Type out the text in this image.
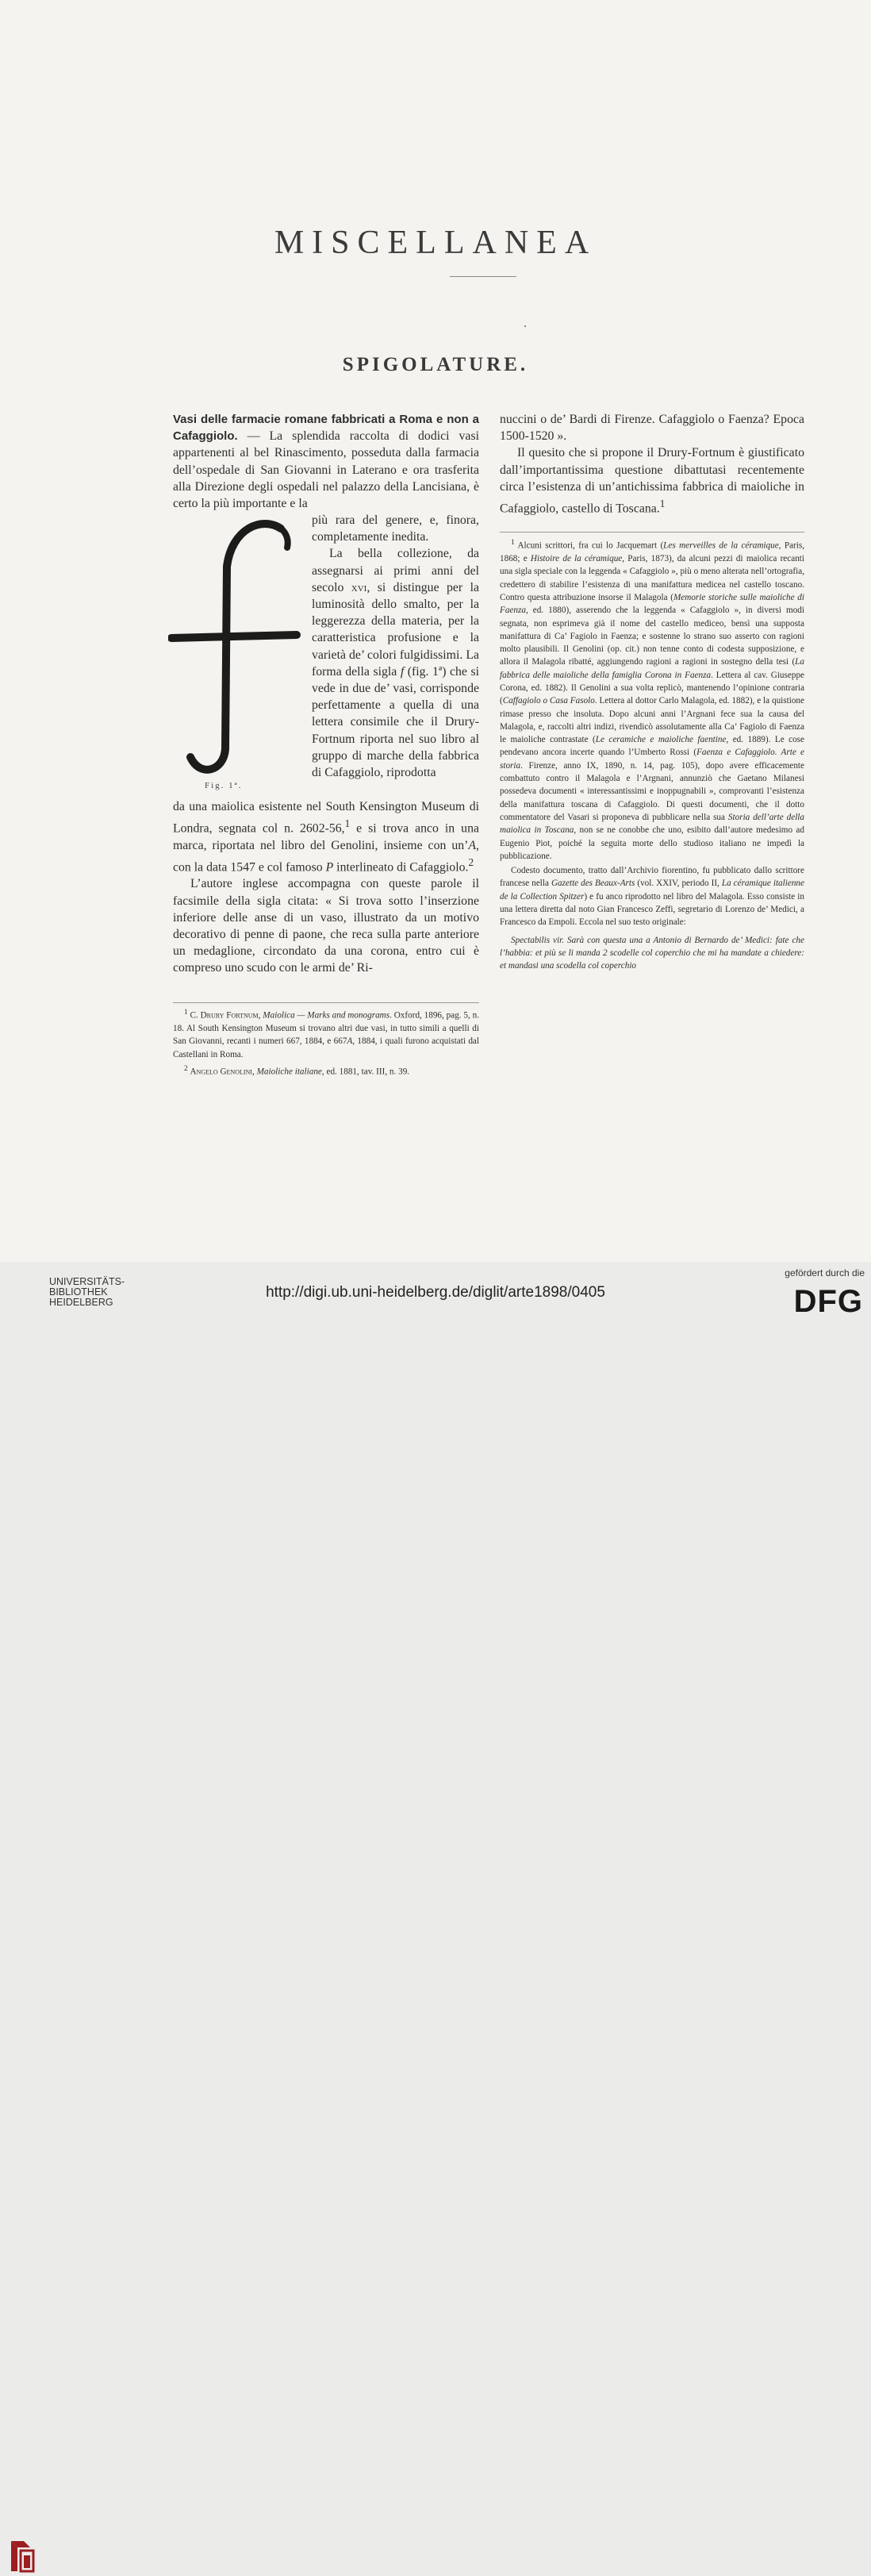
MISCELLANEA
SPIGOLATURE.

Vasi delle farmacie romane fabbricati a Roma e non a Cafaggiolo. — La splendida raccolta di dodici vasi appartenenti al bel Rinascimento, posseduta dalla farmacia dell’ospedale di San Giovanni in Laterano e ora trasferita alla Direzione degli ospedali nel palazzo della Lancisiana, è certo la più importante e la

più rara del genere, e, finora, completamente inedita.

La bella collezione, da assegnarsi ai primi anni del secolo xvi, si distingue per la luminosità dello smalto, per la leggerezza della materia, per la caratteristica profusione e la varietà de’ colori fulgidissimi. La forma della sigla f (fig. 1ª) che si vede in due de’ vasi, corrisponde perfettamente a quella di una lettera consimile che il Drury-Fortnum riporta nel suo libro al gruppo di marche della fabbrica di Cafaggiolo, riprodotta

Fig. 1ª.

da una maiolica esistente nel South Kensington Museum di Londra, segnata col n. 2602-56,$^1$ e si trova anco in una marca, riportata nel libro del Genolini, insieme con un’A, con la data 1547 e col famoso P interlineato di Cafaggiolo.$^2$

L’autore inglese accompagna con queste parole il facsimile della sigla citata: « Si trova sotto l’inserzione inferiore delle anse di un vaso, illustrato da un motivo decorativo di penne di paone, che reca sulla parte anteriore un medaglione, circondato da una corona, entro cui è compreso uno scudo con le armi de’ Ri-

$^1$ C. Drury Fortnum, Maiolica — Marks and monograms. Oxford, 1896, pag. 5, n. 18. Al South Kensington Museum si trovano altri due vasi, in tutto simili a quelli di San Giovanni, recanti i numeri 667, 1884, e 667A, 1884, i quali furono acquistati dal Castellani in Roma.

$^2$ Angelo Genolini, Maioliche italiane, ed. 1881, tav. III, n. 39.

nuccini o de’ Bardi di Firenze. Cafaggiolo o Faenza? Epoca 1500-1520 ».

Il quesito che si propone il Drury-Fortnum è giustificato dall’importantissima questione dibattutasi recentemente circa l’esistenza di un’antichissima fabbrica di maioliche in Cafaggiolo, castello di Toscana.$^1$

$^1$ Alcuni scrittori, fra cui lo Jacquemart (Les merveilles de la céramique, Paris, 1868; e Histoire de la céramique, Paris, 1873), da alcuni pezzi di maiolica recanti una sigla speciale con la leggenda « Cafaggiolo », più o meno alterata nell’ortografia, credettero di stabilire l’esistenza di una manifattura medicea nel castello toscano. Contro questa attribuzione insorse il Malagola (Memorie storiche sulle maioliche di Faenza, ed. 1880), asserendo che la leggenda « Cafaggiolo », in diversi modi segnata, non esprimeva già il nome del castello mediceo, bensì una supposta manifattura di Ca’ Fagiolo in Faenza; e sostenne lo strano suo asserto con ragioni molto plausibili. Il Genolini (op. cit.) non tenne conto di codesta supposizione, e allora il Malagola ribatté, aggiungendo ragioni a ragioni in sostegno della tesi (La fabbrica delle maioliche della famiglia Corona in Faenza. Lettera al cav. Giuseppe Corona, ed. 1882). Il Genolini a sua volta replicò, mantenendo l’opinione contraria (Caffagiolo o Casa Fasolo. Lettera al dottor Carlo Malagola, ed. 1882), e la quistione rimase presso che insoluta. Dopo alcuni anni l’Argnani fece sua la causa del Malagola, e, raccolti altri indizi, rivendicò assolutamente alla Ca’ Fagiolo di Faenza le maioliche contrastate (Le ceramiche e maioliche faentine, ed. 1889). Le cose pendevano ancora incerte quando l’Umberto Rossi (Faenza e Cafaggiolo. Arte e storia. Firenze, anno IX, 1890, n. 14, pag. 105), dopo avere efficacemente combattuto contro il Malagola e l’Argnani, annunziò che Gaetano Milanesi possedeva documenti « interessantissimi e inoppugnabili », comprovanti l’esistenza della manifattura toscana di Cafaggiolo. Di questi documenti, che il dotto commentatore del Vasari si proponeva di pubblicare nella sua Storia dell’arte della maiolica in Toscana, non se ne conobbe che uno, esibito dall’autore medesimo ad Eugenio Piot, poiché la seguita morte dello studioso italiano ne impedì la pubblicazione.

Codesto documento, tratto dall’Archivio fiorentino, fu pubblicato dallo scrittore francese nella Gazette des Beaux-Arts (vol. XXIV, periodo II, La céramique italienne de la Collection Spitzer) e fu anco riprodotto nel libro del Malagola. Esso consiste in una lettera diretta dal noto Gian Francesco Zeffi, segretario di Lorenzo de’ Medici, a Francesco da Empoli. Eccola nel suo testo originale:

Spectabilis vir. Sarà con questa una a Antonio di Bernardo de’ Medici: fate che l’habbia: et più se li manda 2 scodelle col coperchio che mi ha mandate a chiedere: et mandasi una scodella col coperchio

UNIVERSITÄTS-
BIBLIOTHEK
HEIDELBERG
http://digi.ub.uni-heidelberg.de/diglit/arte1898/0405
gefördert durch die
DFG
